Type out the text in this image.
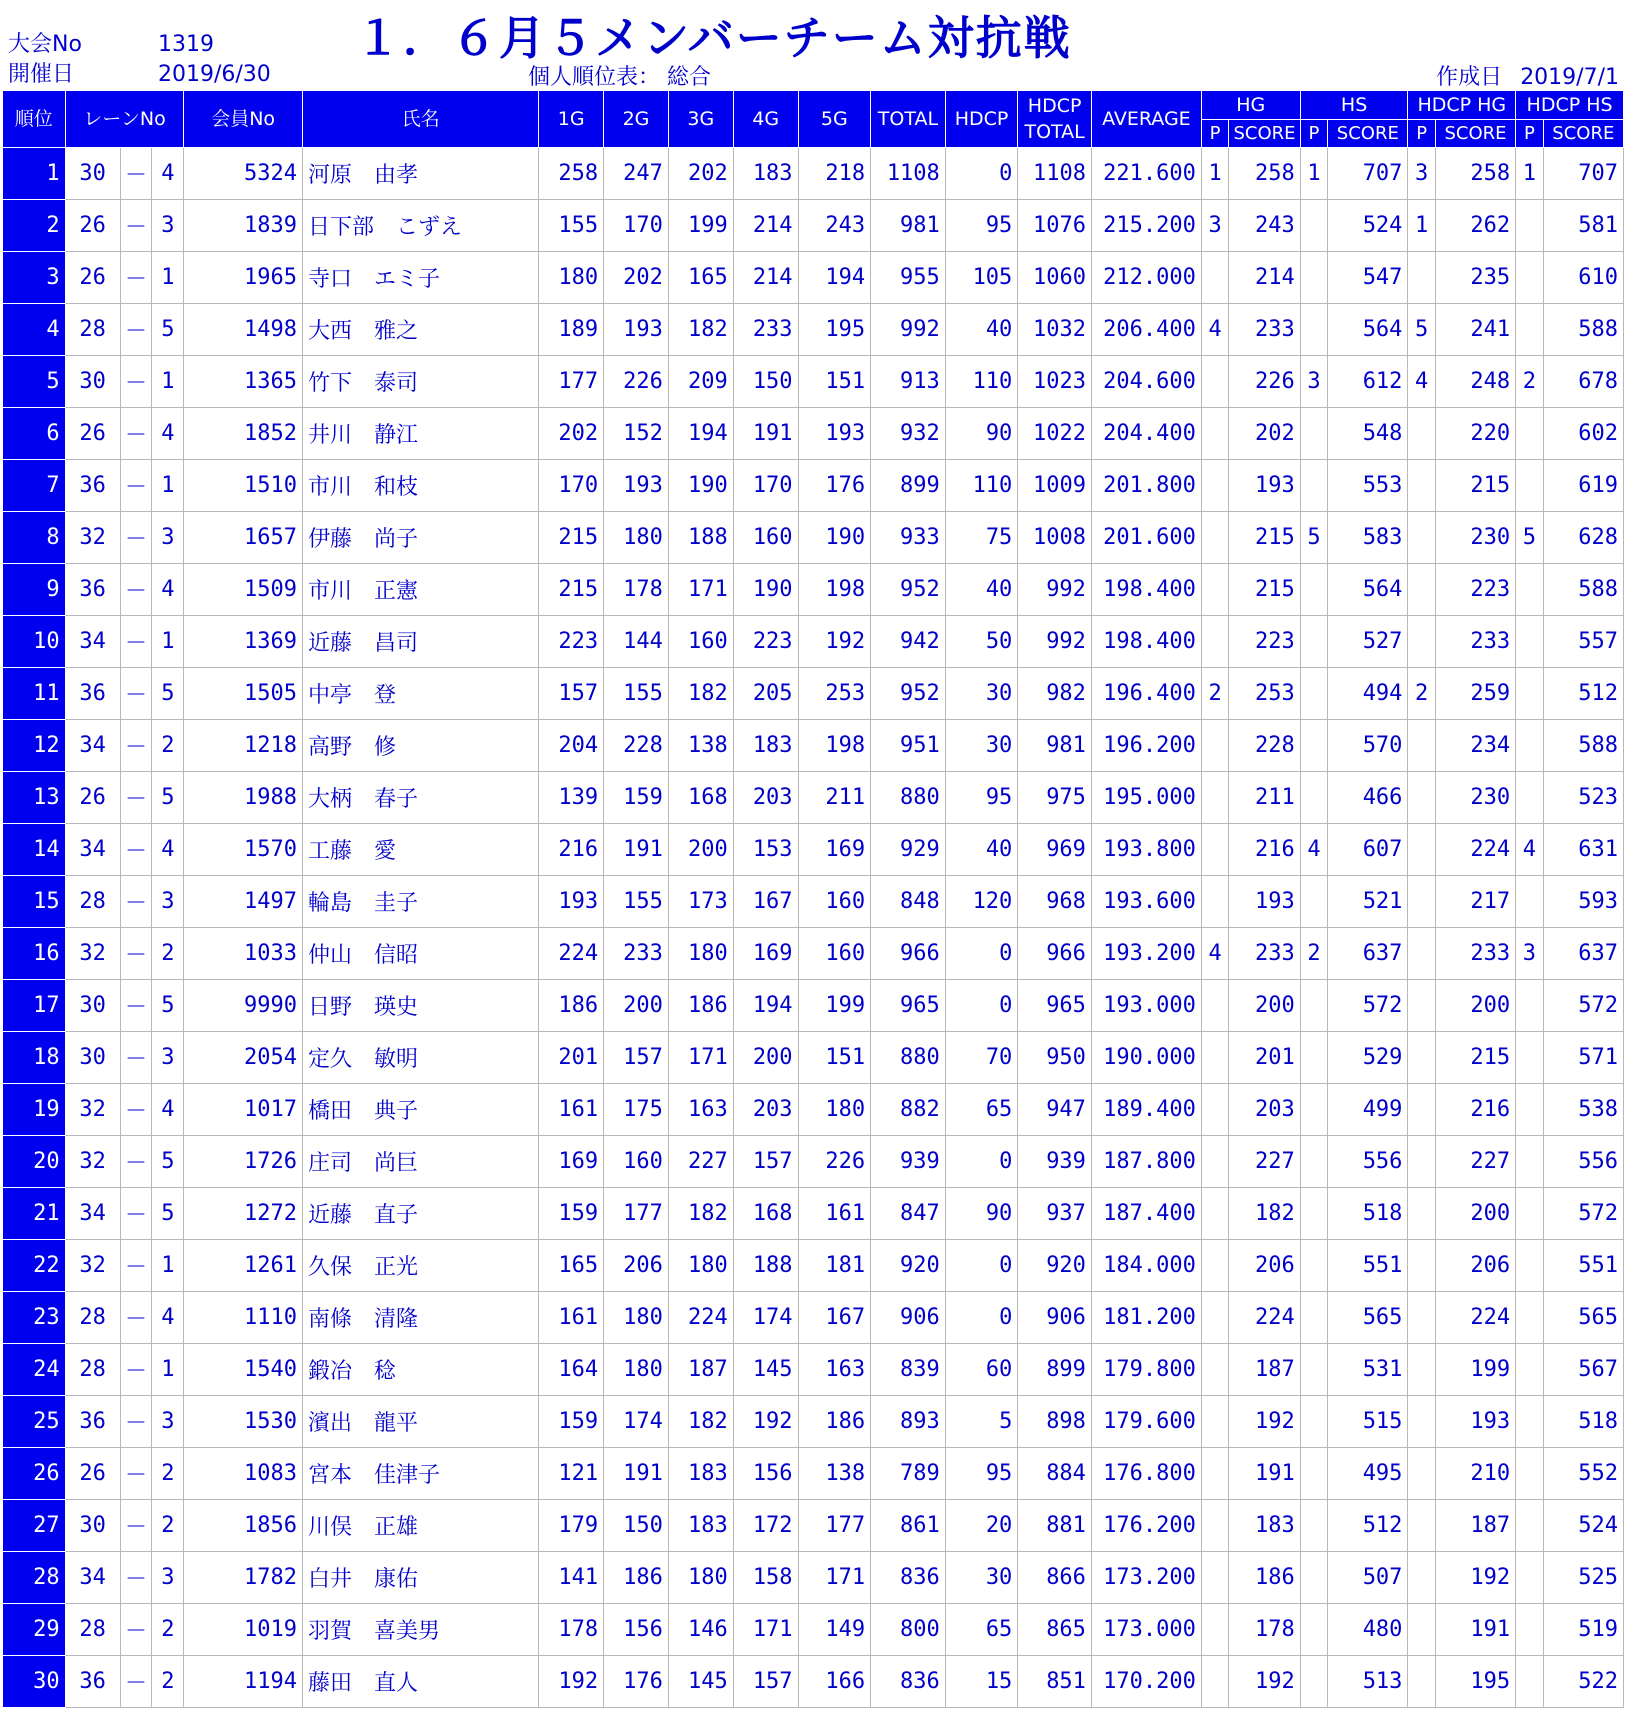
大会No	1319
開催日	2019/6/30
１．６月５メンバーチーム対抗戦
個人順位表： 総合	作成日 2019/7/1
順位	レーンNo			会員No	氏名	1G	2G	3G	4G	5G	TOTAL	HDCP	HDCP
TOTAL	AVERAGE	HG		HS		HDCP HG		HDCP HS	
															P	SCORE	P	SCORE	P	SCORE	P	SCORE
1	30	－	4	5324	河原　由孝	258	247	202	183	218	1108	0	1108	221.600	1	258	1	707	3	258	1	707
2	26	－	3	1839	日下部　こずえ	155	170	199	214	243	981	95	1076	215.200	3	243		524	1	262		581
3	26	－	1	1965	寺口　エミ子	180	202	165	214	194	955	105	1060	212.000		214		547		235		610
4	28	－	5	1498	大西　雅之	189	193	182	233	195	992	40	1032	206.400	4	233		564	5	241		588
5	30	－	1	1365	竹下　泰司	177	226	209	150	151	913	110	1023	204.600		226	3	612	4	248	2	678
6	26	－	4	1852	井川　静江	202	152	194	191	193	932	90	1022	204.400		202		548		220		602
7	36	－	1	1510	市川　和枝	170	193	190	170	176	899	110	1009	201.800		193		553		215		619
8	32	－	3	1657	伊藤　尚子	215	180	188	160	190	933	75	1008	201.600		215	5	583		230	5	628
9	36	－	4	1509	市川　正憲	215	178	171	190	198	952	40	992	198.400		215		564		223		588
10	34	－	1	1369	近藤　昌司	223	144	160	223	192	942	50	992	198.400		223		527		233		557
11	36	－	5	1505	中亭　登	157	155	182	205	253	952	30	982	196.400	2	253		494	2	259		512
12	34	－	2	1218	高野　修	204	228	138	183	198	951	30	981	196.200		228		570		234		588
13	26	－	5	1988	大柄　春子	139	159	168	203	211	880	95	975	195.000		211		466		230		523
14	34	－	4	1570	工藤　愛	216	191	200	153	169	929	40	969	193.800		216	4	607		224	4	631
15	28	－	3	1497	輪島　圭子	193	155	173	167	160	848	120	968	193.600		193		521		217		593
16	32	－	2	1033	仲山　信昭	224	233	180	169	160	966	0	966	193.200	4	233	2	637		233	3	637
17	30	－	5	9990	日野　瑛史	186	200	186	194	199	965	0	965	193.000		200		572		200		572
18	30	－	3	2054	定久　敏明	201	157	171	200	151	880	70	950	190.000		201		529		215		571
19	32	－	4	1017	橋田　典子	161	175	163	203	180	882	65	947	189.400		203		499		216		538
20	32	－	5	1726	庄司　尚巨	169	160	227	157	226	939	0	939	187.800		227		556		227		556
21	34	－	5	1272	近藤　直子	159	177	182	168	161	847	90	937	187.400		182		518		200		572
22	32	－	1	1261	久保　正光	165	206	180	188	181	920	0	920	184.000		206		551		206		551
23	28	－	4	1110	南條　清隆	161	180	224	174	167	906	0	906	181.200		224		565		224		565
24	28	－	1	1540	鍛冶　稔	164	180	187	145	163	839	60	899	179.800		187		531		199		567
25	36	－	3	1530	濱出　龍平	159	174	182	192	186	893	5	898	179.600		192		515		193		518
26	26	－	2	1083	宮本　佳津子	121	191	183	156	138	789	95	884	176.800		191		495		210		552
27	30	－	2	1856	川俣　正雄	179	150	183	172	177	861	20	881	176.200		183		512		187		524
28	34	－	3	1782	白井　康佑	141	186	180	158	171	836	30	866	173.200		186		507		192		525
29	28	－	2	1019	羽賀　喜美男	178	156	146	171	149	800	65	865	173.000		178		480		191		519
30	36	－	2	1194	藤田　直人	192	176	145	157	166	836	15	851	170.200		192		513		195		522
